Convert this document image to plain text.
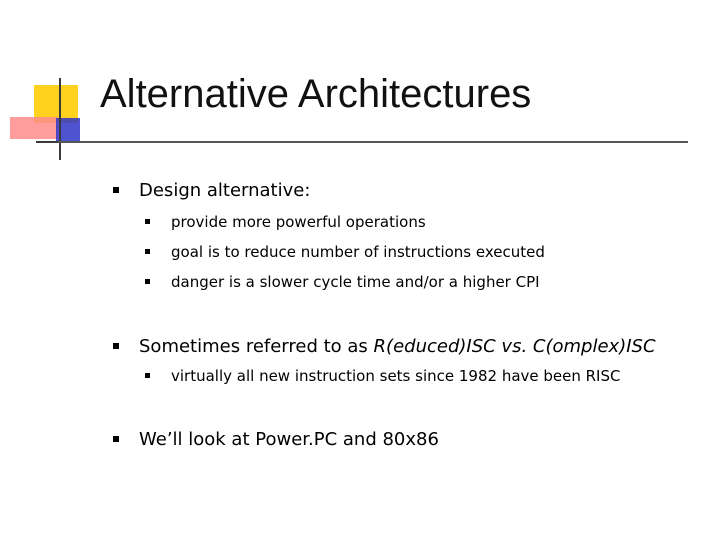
Alternative Architectures
Design alternative:
provide more powerful operations
goal is to reduce number of instructions executed
danger is a slower cycle time and/or a higher CPI
Sometimes referred to as R(educed)ISC vs. C(omplex)ISC
virtually all new instruction sets since 1982 have been RISC
We’ll look at Power.PC and 80x86
